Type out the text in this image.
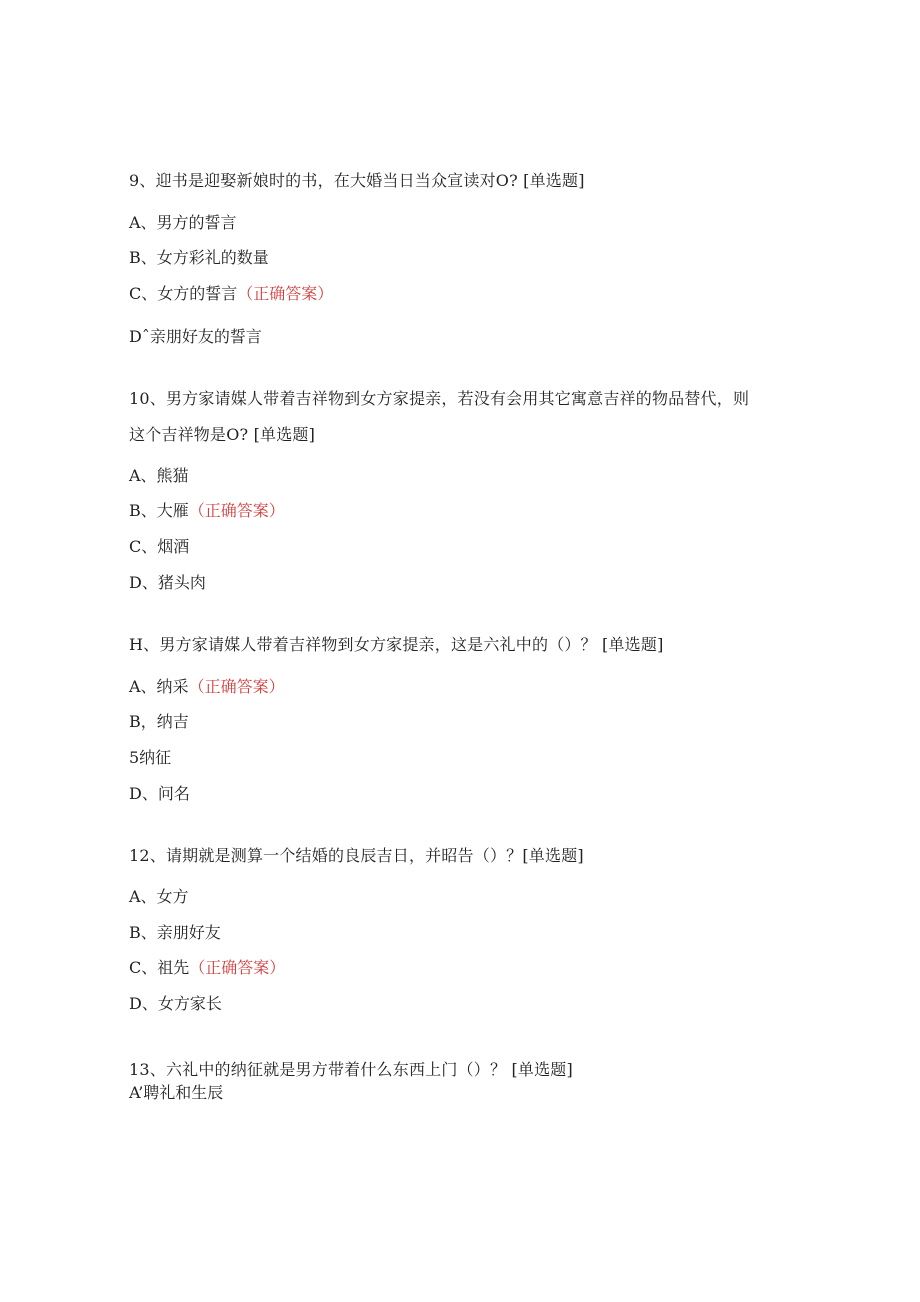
9、迎书是迎娶新娘时的书，在大婚当日当众宣读对O? [单选题]
A、男方的誓言
B、女方彩礼的数量
C、女方的誓言（正确答案）
Dˆ亲朋好友的誓言
10、男方家请媒人带着吉祥物到女方家提亲，若没有会用其它寓意吉祥的物品替代，则
这个吉祥物是O? [单选题]
A、熊猫
B、大雁（正确答案）
C、烟酒
D、猪头肉
H、男方家请媒人带着吉祥物到女方家提亲，这是六礼中的（）？ [单选题]
A、纳采（正确答案）
B，纳吉
5纳征
D、问名
12、请期就是测算一个结婚的良辰吉日，并昭告（）？[单选题]
A、女方
B、亲朋好友
C、祖先（正确答案）
D、女方家长
13、六礼中的纳征就是男方带着什么东西上门（）？ [单选题]
A’聘礼和生辰
